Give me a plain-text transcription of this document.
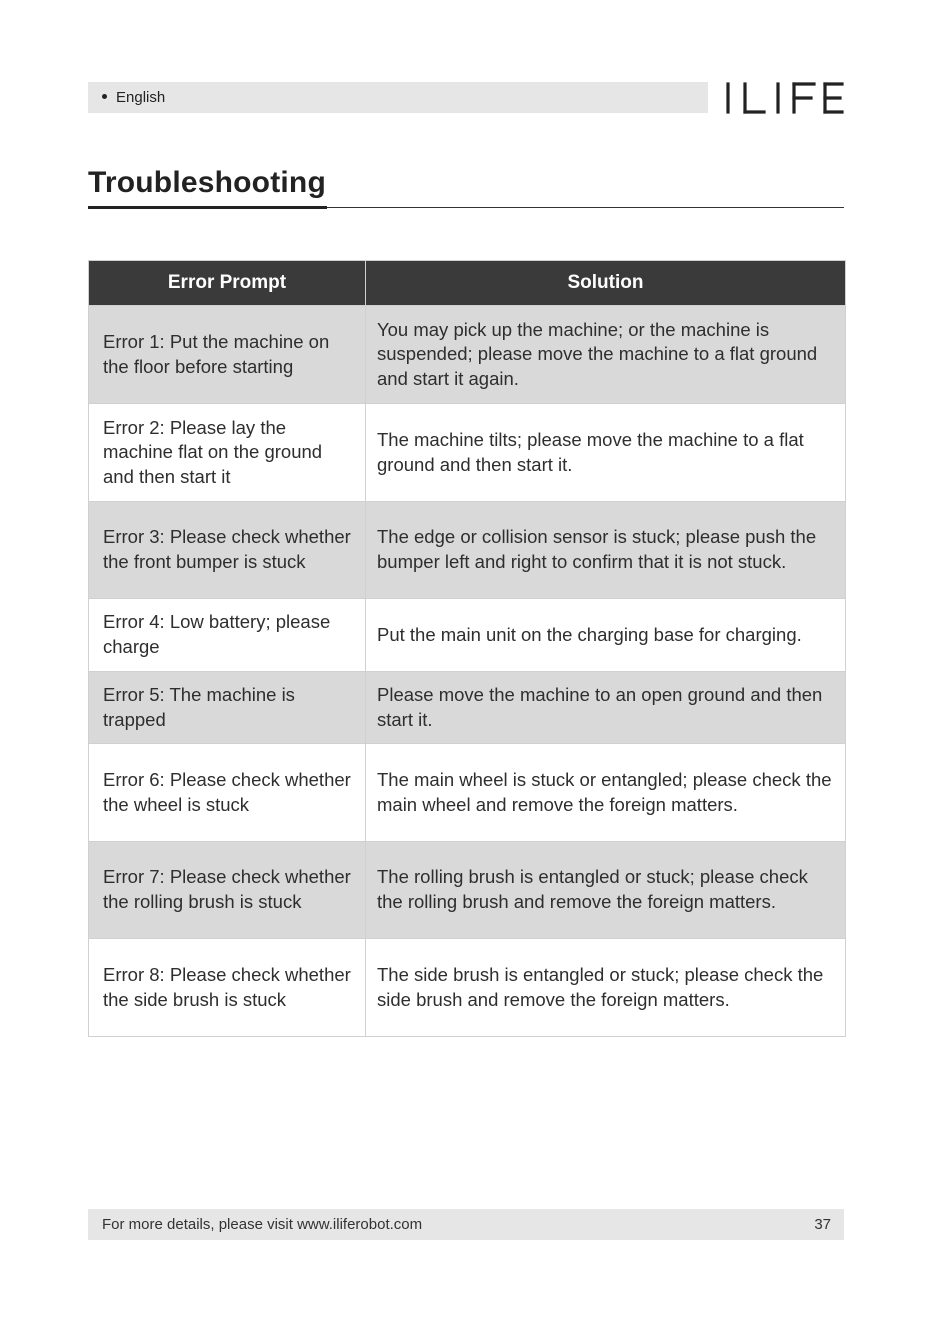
English
Troubleshooting
Error Prompt	Solution
Error 1: Put the machine on the floor before starting	You may pick up the machine; or the machine is suspended; please move the machine to a flat ground and start it again.
Error 2: Please lay the machine flat on the ground and then start it	The machine tilts; please move the machine to a flat ground and then start it.
Error 3: Please check whether the front bumper is stuck	The edge or collision sensor is stuck; please push the bumper left and right to confirm that it is not stuck.
Error 4: Low battery; please charge	Put the main unit on the charging base for charging.
Error 5: The machine is trapped	Please move the machine to an open ground and then start it.
Error 6: Please check whether the wheel is stuck	The main wheel is stuck or entangled; please check the main wheel and remove the foreign matters.
Error 7: Please check whether the rolling brush is stuck	The rolling brush is entangled or stuck; please check the rolling brush and remove the foreign matters.
Error 8: Please check whether the side brush is stuck	The side brush is entangled or stuck; please check the side brush and remove the foreign matters.
For more details, please visit www.iliferobot.com	37
